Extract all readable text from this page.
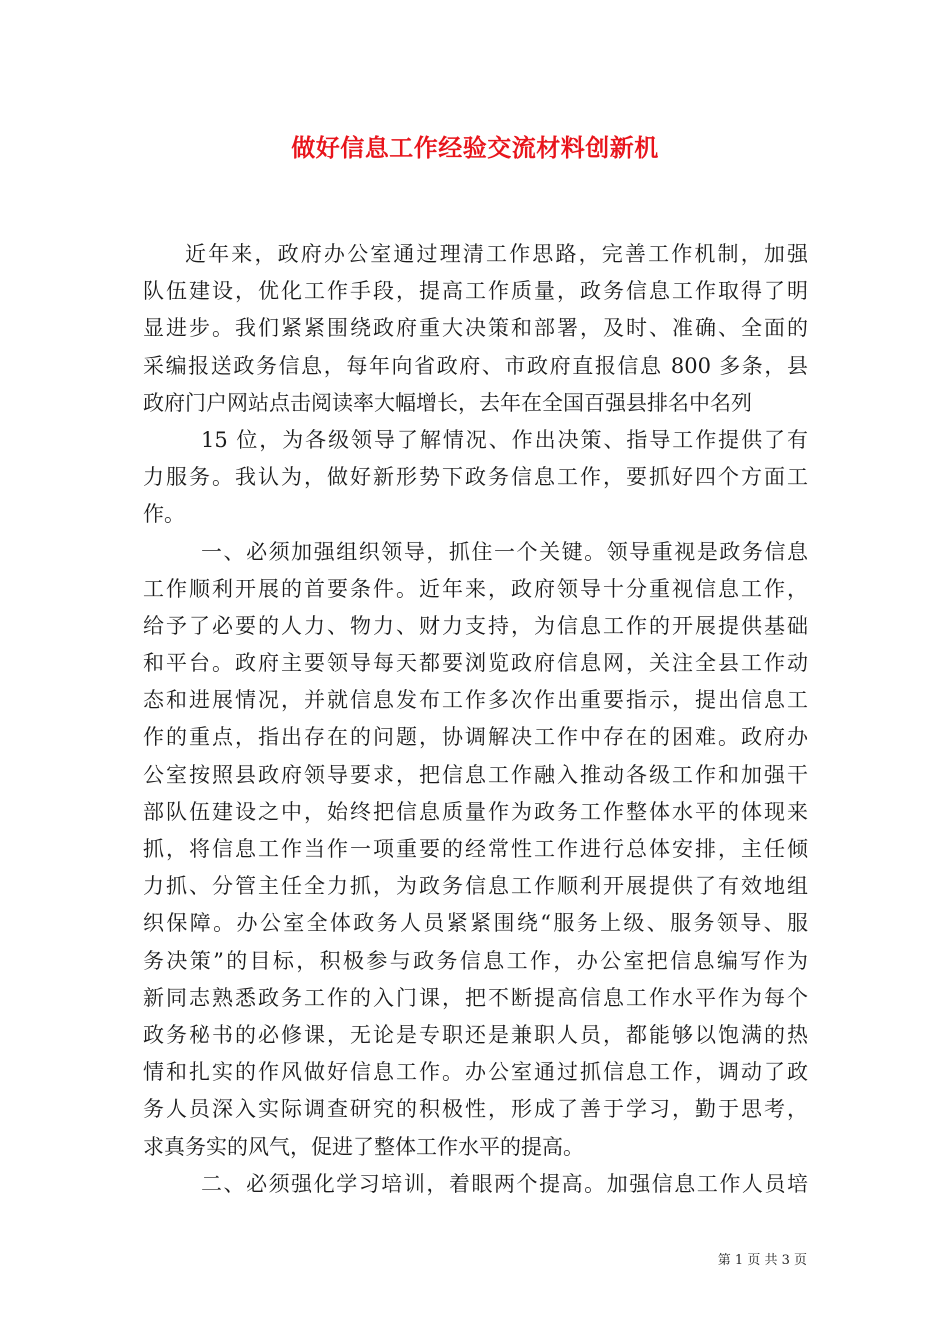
做好信息工作经验交流材料创新机
近年来，政府办公室通过理清工作思路，完善工作机制，加强
队伍建设，优化工作手段，提高工作质量，政务信息工作取得了明
显进步。我们紧紧围绕政府重大决策和部署，及时、准确、全面的
采编报送政务信息，每年向省政府、市政府直报信息 800 多条，县
政府门户网站点击阅读率大幅增长，去年在全国百强县排名中名列
15 位，为各级领导了解情况、作出决策、指导工作提供了有
力服务。我认为，做好新形势下政务信息工作，要抓好四个方面工
作。
一、必须加强组织领导，抓住一个关键。领导重视是政务信息
工作顺利开展的首要条件。近年来，政府领导十分重视信息工作，
给予了必要的人力、物力、财力支持，为信息工作的开展提供基础
和平台。政府主要领导每天都要浏览政府信息网，关注全县工作动
态和进展情况，并就信息发布工作多次作出重要指示，提出信息工
作的重点，指出存在的问题，协调解决工作中存在的困难。政府办
公室按照县政府领导要求，把信息工作融入推动各级工作和加强干
部队伍建设之中，始终把信息质量作为政务工作整体水平的体现来
抓，将信息工作当作一项重要的经常性工作进行总体安排，主任倾
力抓、分管主任全力抓，为政务信息工作顺利开展提供了有效地组
织保障。办公室全体政务人员紧紧围绕“服务上级、服务领导、服
务决策”的目标，积极参与政务信息工作，办公室把信息编写作为
新同志熟悉政务工作的入门课，把不断提高信息工作水平作为每个
政务秘书的必修课，无论是专职还是兼职人员，都能够以饱满的热
情和扎实的作风做好信息工作。办公室通过抓信息工作，调动了政
务人员深入实际调查研究的积极性，形成了善于学习，勤于思考，
求真务实的风气，促进了整体工作水平的提高。
二、必须强化学习培训，着眼两个提高。加强信息工作人员培
第 1 页 共 3 页
